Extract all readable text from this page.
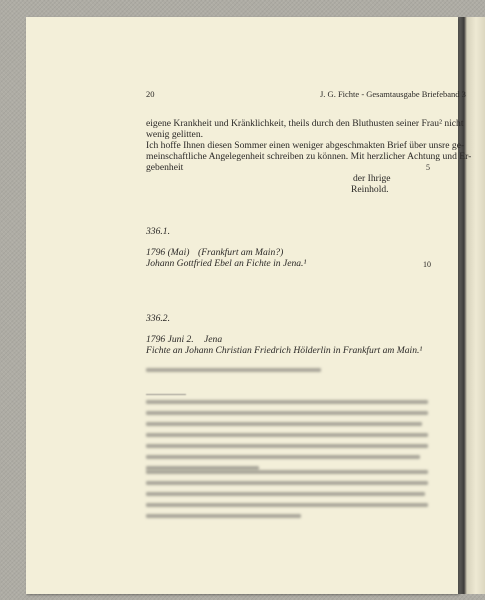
20	J. G. Fichte - Gesamtausgabe Briefeband 3
eigene Krankheit und Kränklichkeit, theils durch den Bluthusten seiner Frau² nicht
wenig gelitten.
Ich hoffe Ihnen diesen Sommer einen weniger abgeschmakten Brief über unsre ge-
meinschaftliche Angelegenheit schreiben zu können. Mit herzlicher Achtung und Er-
gebenheit
der Ihrige
Reinhold.
5
10
336.1.
1796 (Mai) (Frankfurt am Main?)
Johann Gottfried Ebel an Fichte in Jena.¹
336.2.
1796 Juni 2. Jena
Fichte an Johann Christian Friedrich Hölderlin in Frankfurt am Main.¹
